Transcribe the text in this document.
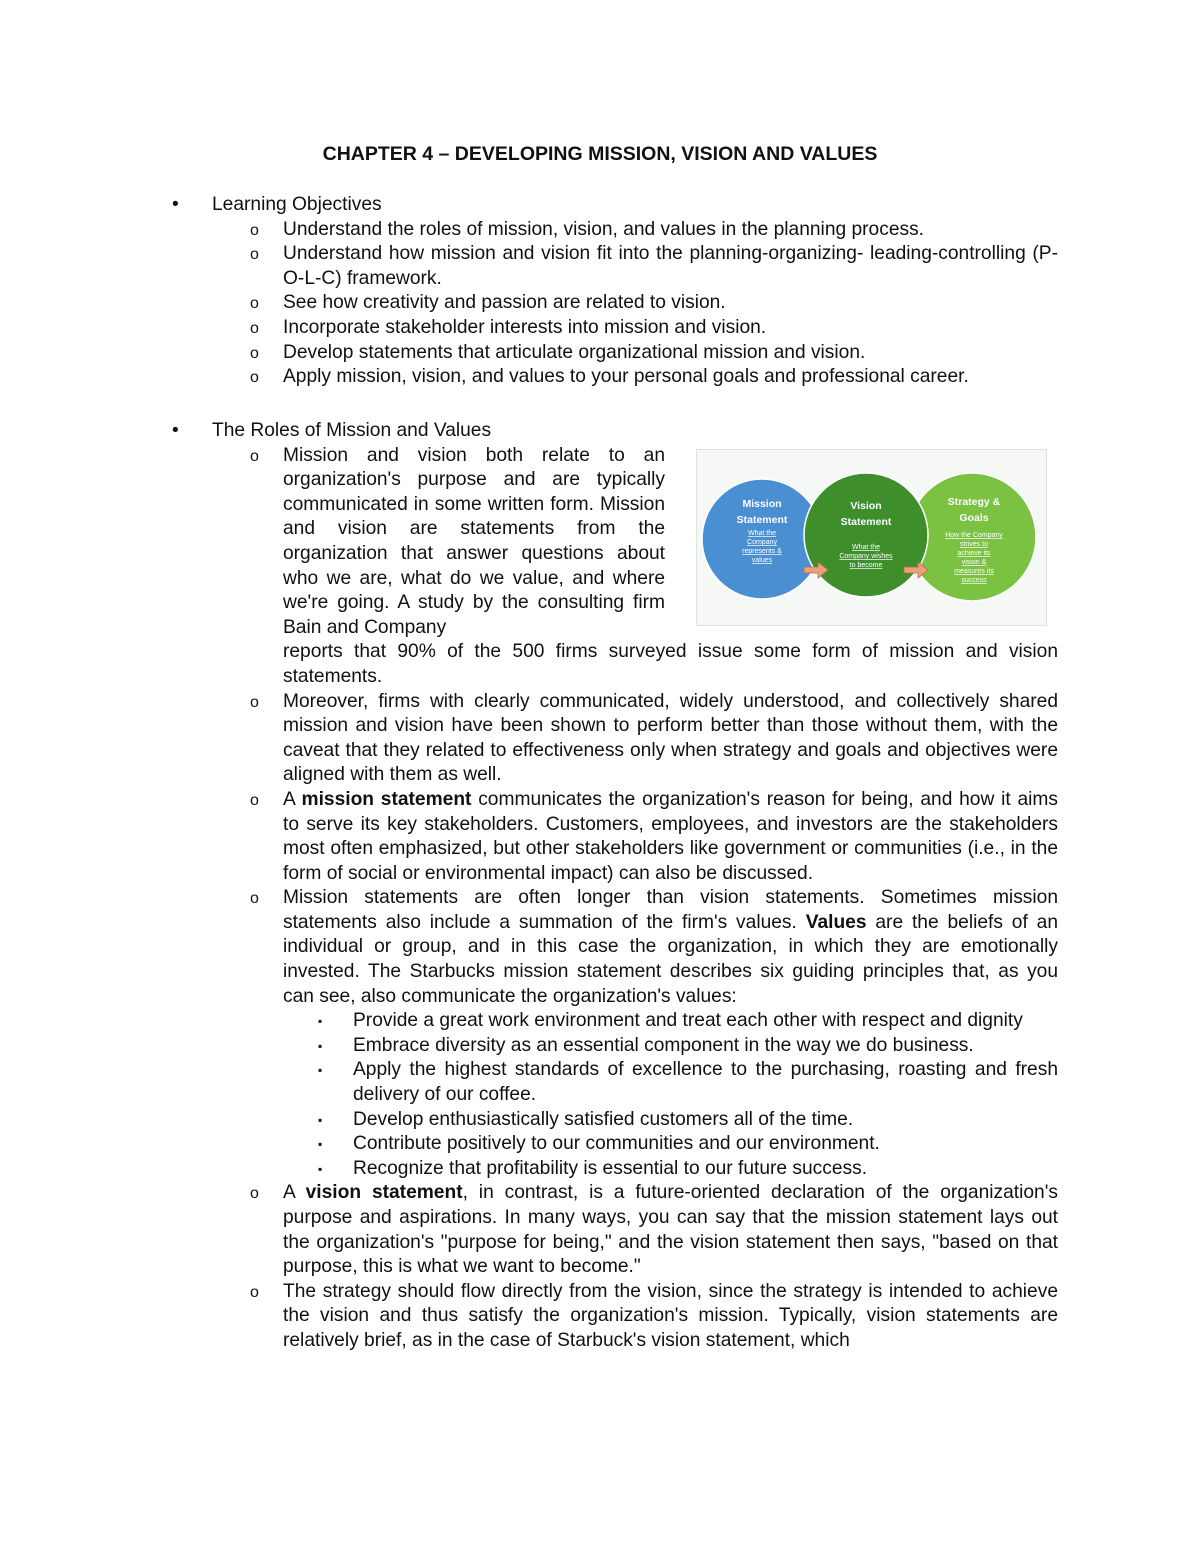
CHAPTER 4 – DEVELOPING MISSION, VISION AND VALUES
• Learning Objectives
o Understand the roles of mission, vision, and values in the planning process.
o Understand how mission and vision fit into the planning-organizing- leading-controlling (P-O-L-C) framework.
o See how creativity and passion are related to vision.
o Incorporate stakeholder interests into mission and vision.
o Develop statements that articulate organizational mission and vision.
o Apply mission, vision, and values to your personal goals and professional career.
• The Roles of Mission and Values
o Mission and vision both relate to an organization's purpose and are typically communicated in some written form. Mission and vision are statements from the organization that answer questions about who we are, what do we value, and where we're going. A study by the consulting firm Bain and Company
reports that 90% of the 500 firms surveyed issue some form of mission and vision statements.
o Moreover, firms with clearly communicated, widely understood, and collectively shared mission and vision have been shown to perform better than those without them, with the caveat that they related to effectiveness only when strategy and goals and objectives were aligned with them as well.
o A mission statement communicates the organization's reason for being, and how it aims to serve its key stakeholders. Customers, employees, and investors are the stakeholders most often emphasized, but other stakeholders like government or communities (i.e., in the form of social or environmental impact) can also be discussed.
o Mission statements are often longer than vision statements. Sometimes mission statements also include a summation of the firm's values. Values are the beliefs of an individual or group, and in this case the organization, in which they are emotionally invested. The Starbucks mission statement describes six guiding principles that, as you can see, also communicate the organization's values:
▪ Provide a great work environment and treat each other with respect and dignity
▪ Embrace diversity as an essential component in the way we do business.
▪ Apply the highest standards of excellence to the purchasing, roasting and fresh delivery of our coffee.
▪ Develop enthusiastically satisfied customers all of the time.
▪ Contribute positively to our communities and our environment.
▪ Recognize that profitability is essential to our future success.
o A vision statement, in contrast, is a future-oriented declaration of the organization's purpose and aspirations. In many ways, you can say that the mission statement lays out the organization's "purpose for being," and the vision statement then says, "based on that purpose, this is what we want to become."
o The strategy should flow directly from the vision, since the strategy is intended to achieve the vision and thus satisfy the organization's mission. Typically, vision statements are relatively brief, as in the case of Starbuck's vision statement, which
Mission Statement
What the Company represents & values
Vision Statement
What the Company wishes to become
Strategy & Goals
How the Company strives to achieve its vision & measures its success
